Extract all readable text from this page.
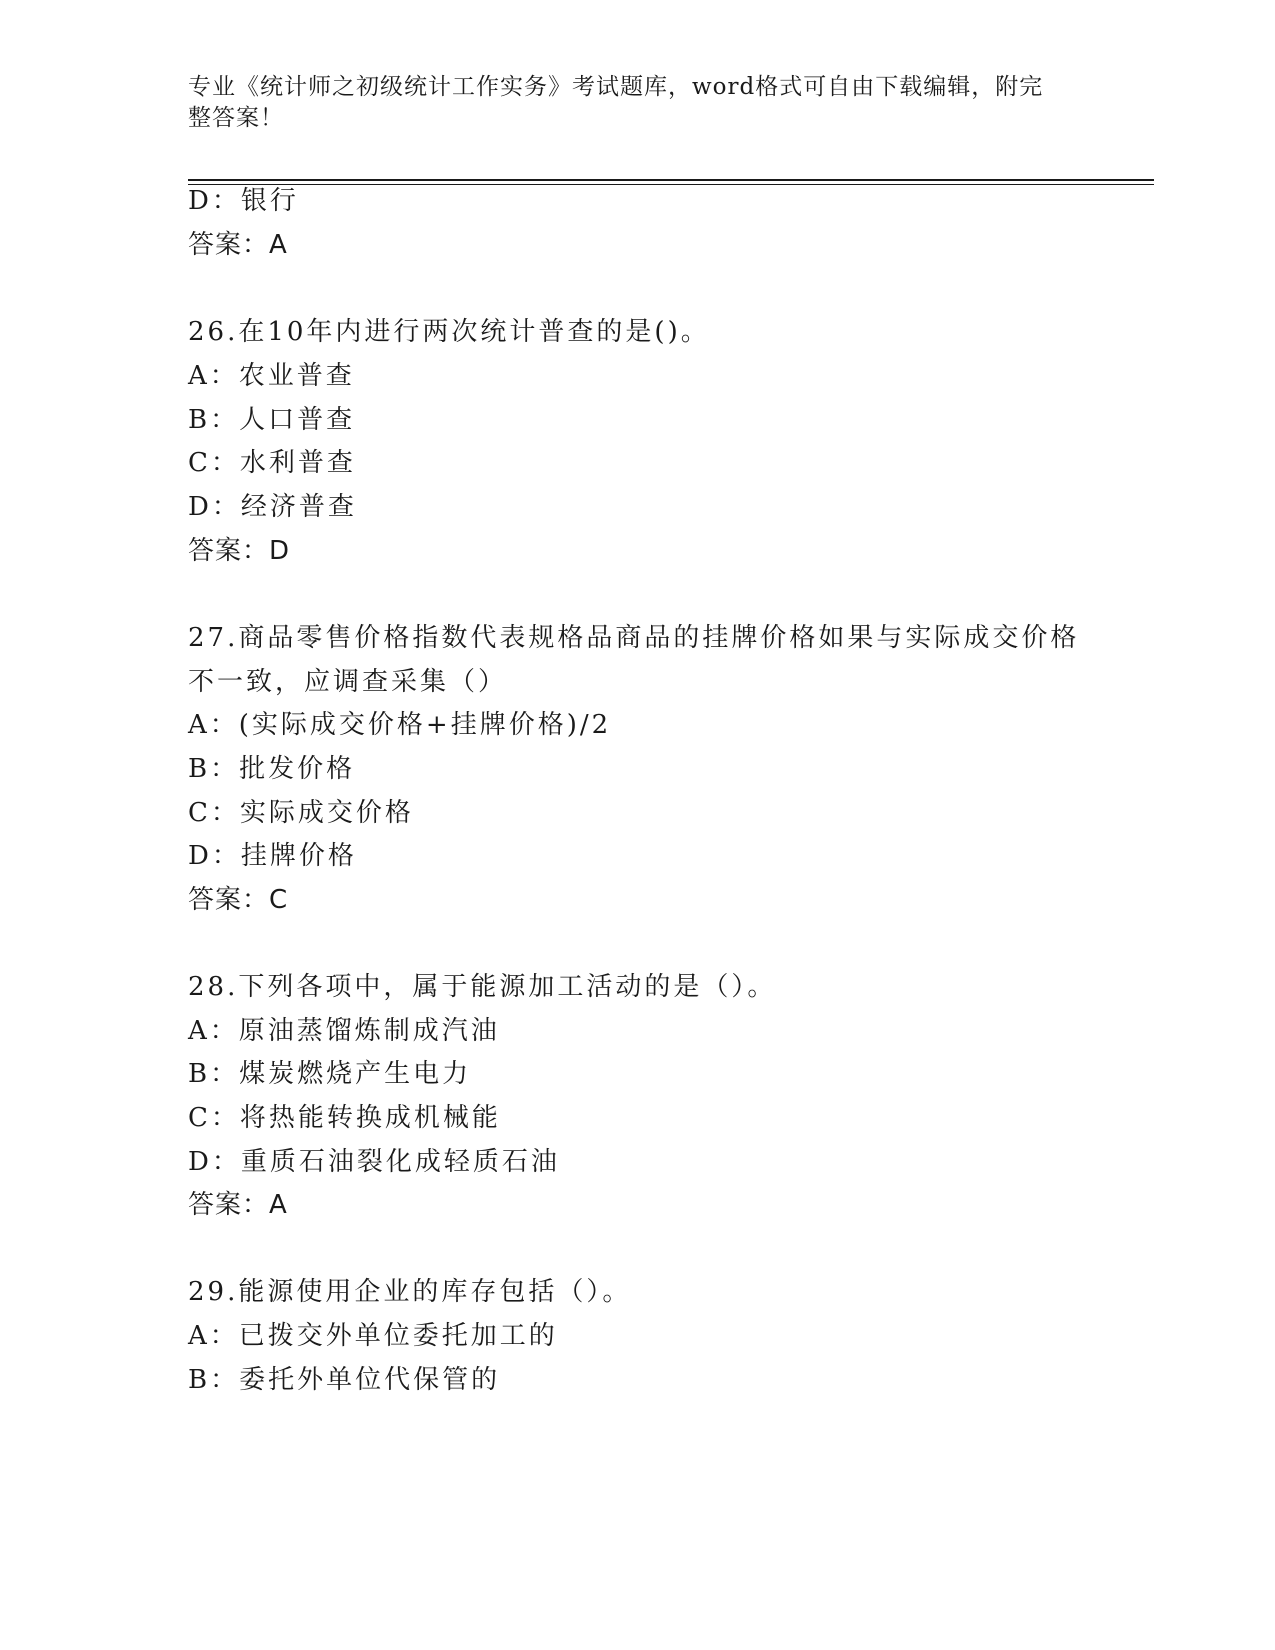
专业《统计师之初级统计工作实务》考试题库，word格式可自由下载编辑，附完
整答案！
D：银行
答案：A
26.在10年内进行两次统计普查的是()。
A：农业普查
B：人口普查
C：水利普查
D：经济普查
答案：D
27.商品零售价格指数代表规格品商品的挂牌价格如果与实际成交价格
不一致，应调查采集（）
A：(实际成交价格+挂牌价格)/2
B：批发价格
C：实际成交价格
D：挂牌价格
答案：C
28.下列各项中，属于能源加工活动的是（）。
A：原油蒸馏炼制成汽油
B：煤炭燃烧产生电力
C：将热能转换成机械能
D：重质石油裂化成轻质石油
答案：A
29.能源使用企业的库存包括（）。
A：已拨交外单位委托加工的
B：委托外单位代保管的
